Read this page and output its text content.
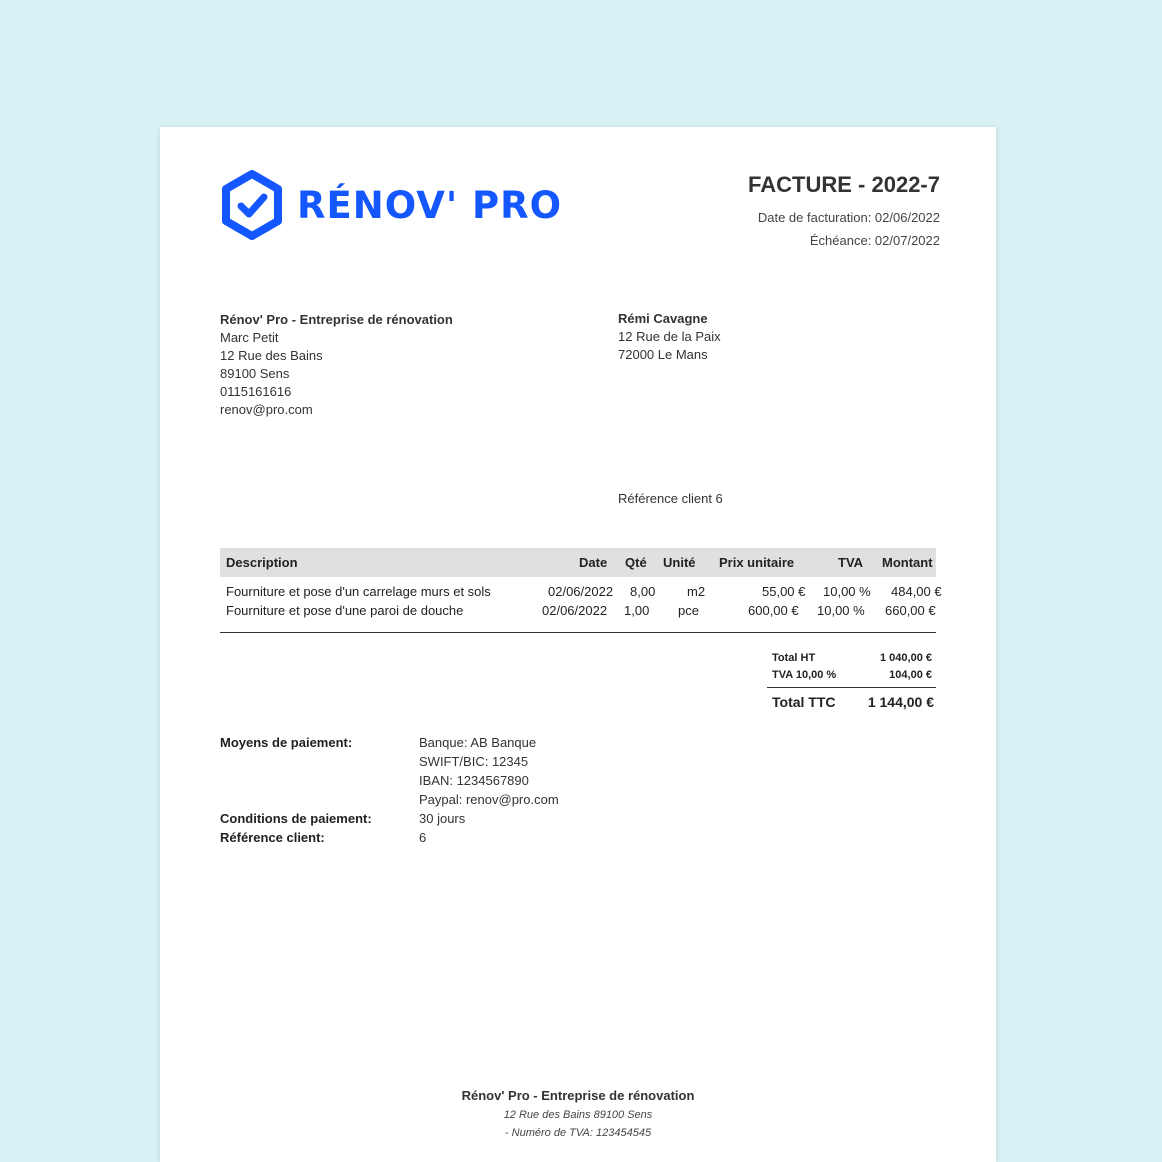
RÉNOV' PRO	FACTURE - 2022-7
Date de facturation: 02/06/2022
Échéance: 02/07/2022
Rénov' Pro - Entreprise de rénovation
Marc Petit
12 Rue des Bains
89100 Sens
0115161616
renov@pro.com
Rémi Cavagne
12 Rue de la Paix
72000 Le Mans
Référence client 6
Description	Date Qté Unité Prix unitaire	TVA Montant
Fourniture et pose d'un carrelage murs et sols	02/06/2022 8,00 m2	55,00 € 10,00 % 484,00 €
Fourniture et pose d'une paroi de douche	02/06/2022 1,00 pce	600,00 € 10,00 % 660,00 €
Total HT	1 040,00 €
TVA 10,00 %	104,00 €
Total TTC 1 144,00 €
Moyens de paiement:	Banque: AB Banque
SWIFT/BIC: 12345
IBAN: 1234567890
Paypal: renov@pro.com
Conditions de paiement:	30 jours
Référence client:	6
Rénov' Pro - Entreprise de rénovation
12 Rue des Bains 89100 Sens
- Numéro de TVA: 123454545
